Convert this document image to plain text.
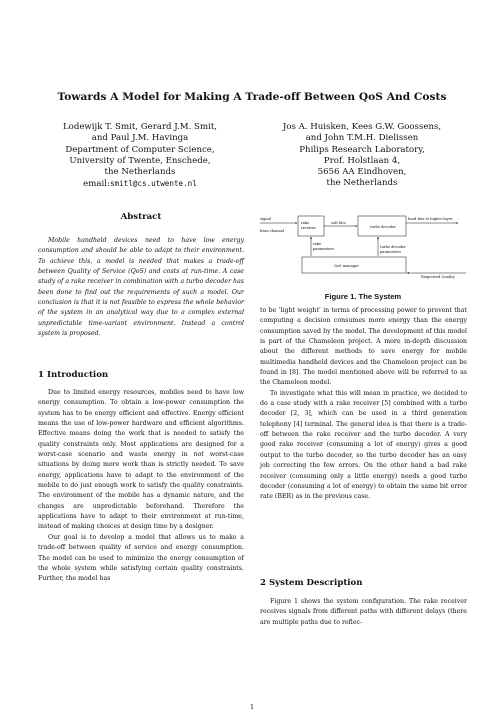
Towards A Model for Making A Trade-off Between QoS And Costs
Lodewijk T. Smit, Gerard J.M. Smit,
and Paul J.M. Havinga
Department of Computer Science,
University of Twente, Enschede,
the Netherlands
email:smitl@cs.utwente.nl
Jos A. Huisken, Kees G.W. Goossens,
and John T.M.H. Dielissen
Philips Research Laboratory,
Prof. Holstlaan 4,
5656 AA Eindhoven,
the Netherlands
Abstract

Mobile handheld devices need to have low energy consumption and should be able to adapt to their environment. To achieve this, a model is needed that makes a trade-off between Quality of Service (QoS) and costs at run-time. A case study of a rake receiver in combination with a turbo decoder has been done to find out the requirements of such a model. Our conclusion is that it is not feasible to express the whole behavior of the system in an analytical way due to a complex external unpredictable time-variant environment. Instead a control system is proposed.

1 Introduction

Due to limited energy resources, mobiles need to have low energy consumption. To obtain a low-power consumption the system has to be energy efficient and effective. Energy efficient means the use of low-power hardware and efficient algorithms. Effective means doing the work that is needed to satisfy the quality constraints only. Most applications are designed for a worst-case scenario and waste energy in not worst-case situations by doing more work than is strictly needed. To save energy, applications have to adapt to the environment of the mobile to do just enough work to satisfy the quality constraints. The environment of the mobile has a dynamic nature, and the changes are unpredictable beforehand. Therefore the applications have to adapt to their environment at run-time, instead of making choices at design time by a designer.

Our goal is to develop a model that allows us to make a trade-off between quality of service and energy consumption. The model can be used to minimize the energy consumption of the whole system while satisfying certain quality constraints. Further, the model has

signal
from channel
rake
receiver
soft bits
turbo decoder
hard bits to higher layer
rake
parameters	turbo decoder
parameters
QoS manager
Requested Quality
Figure 1. The System

to be ‘light weight’ in terms of processing power to prevent that computing a decision consumes more energy than the energy consumption saved by the model. The development of this model is part of the Chameleon project. A more in-depth discussion about the different methods to save energy for mobile multimedia handheld devices and the Chameleon project can be found in [8]. The model mentioned above will be referred to as the Chameleon model.

To investigate what this will mean in practice, we decided to do a case study with a rake receiver [5] combined with a turbo decoder [2, 3], which can be used in a third generation telephony [4] terminal. The general idea is that there is a trade-off between the rake receiver and the turbo decoder. A very good rake receiver (consuming a lot of energy) gives a good output to the turbo decoder, so the turbo decoder has an easy job correcting the few errors. On the other hand a bad rake receiver (consuming only a little energy) needs a good turbo decoder (consuming a lot of energy) to obtain the same bit error rate (BER) as in the previous case.

2 System Description

Figure 1 shows the system configuration. The rake receiver receives signals from different paths with different delays (there are multiple paths due to reflec-

1
